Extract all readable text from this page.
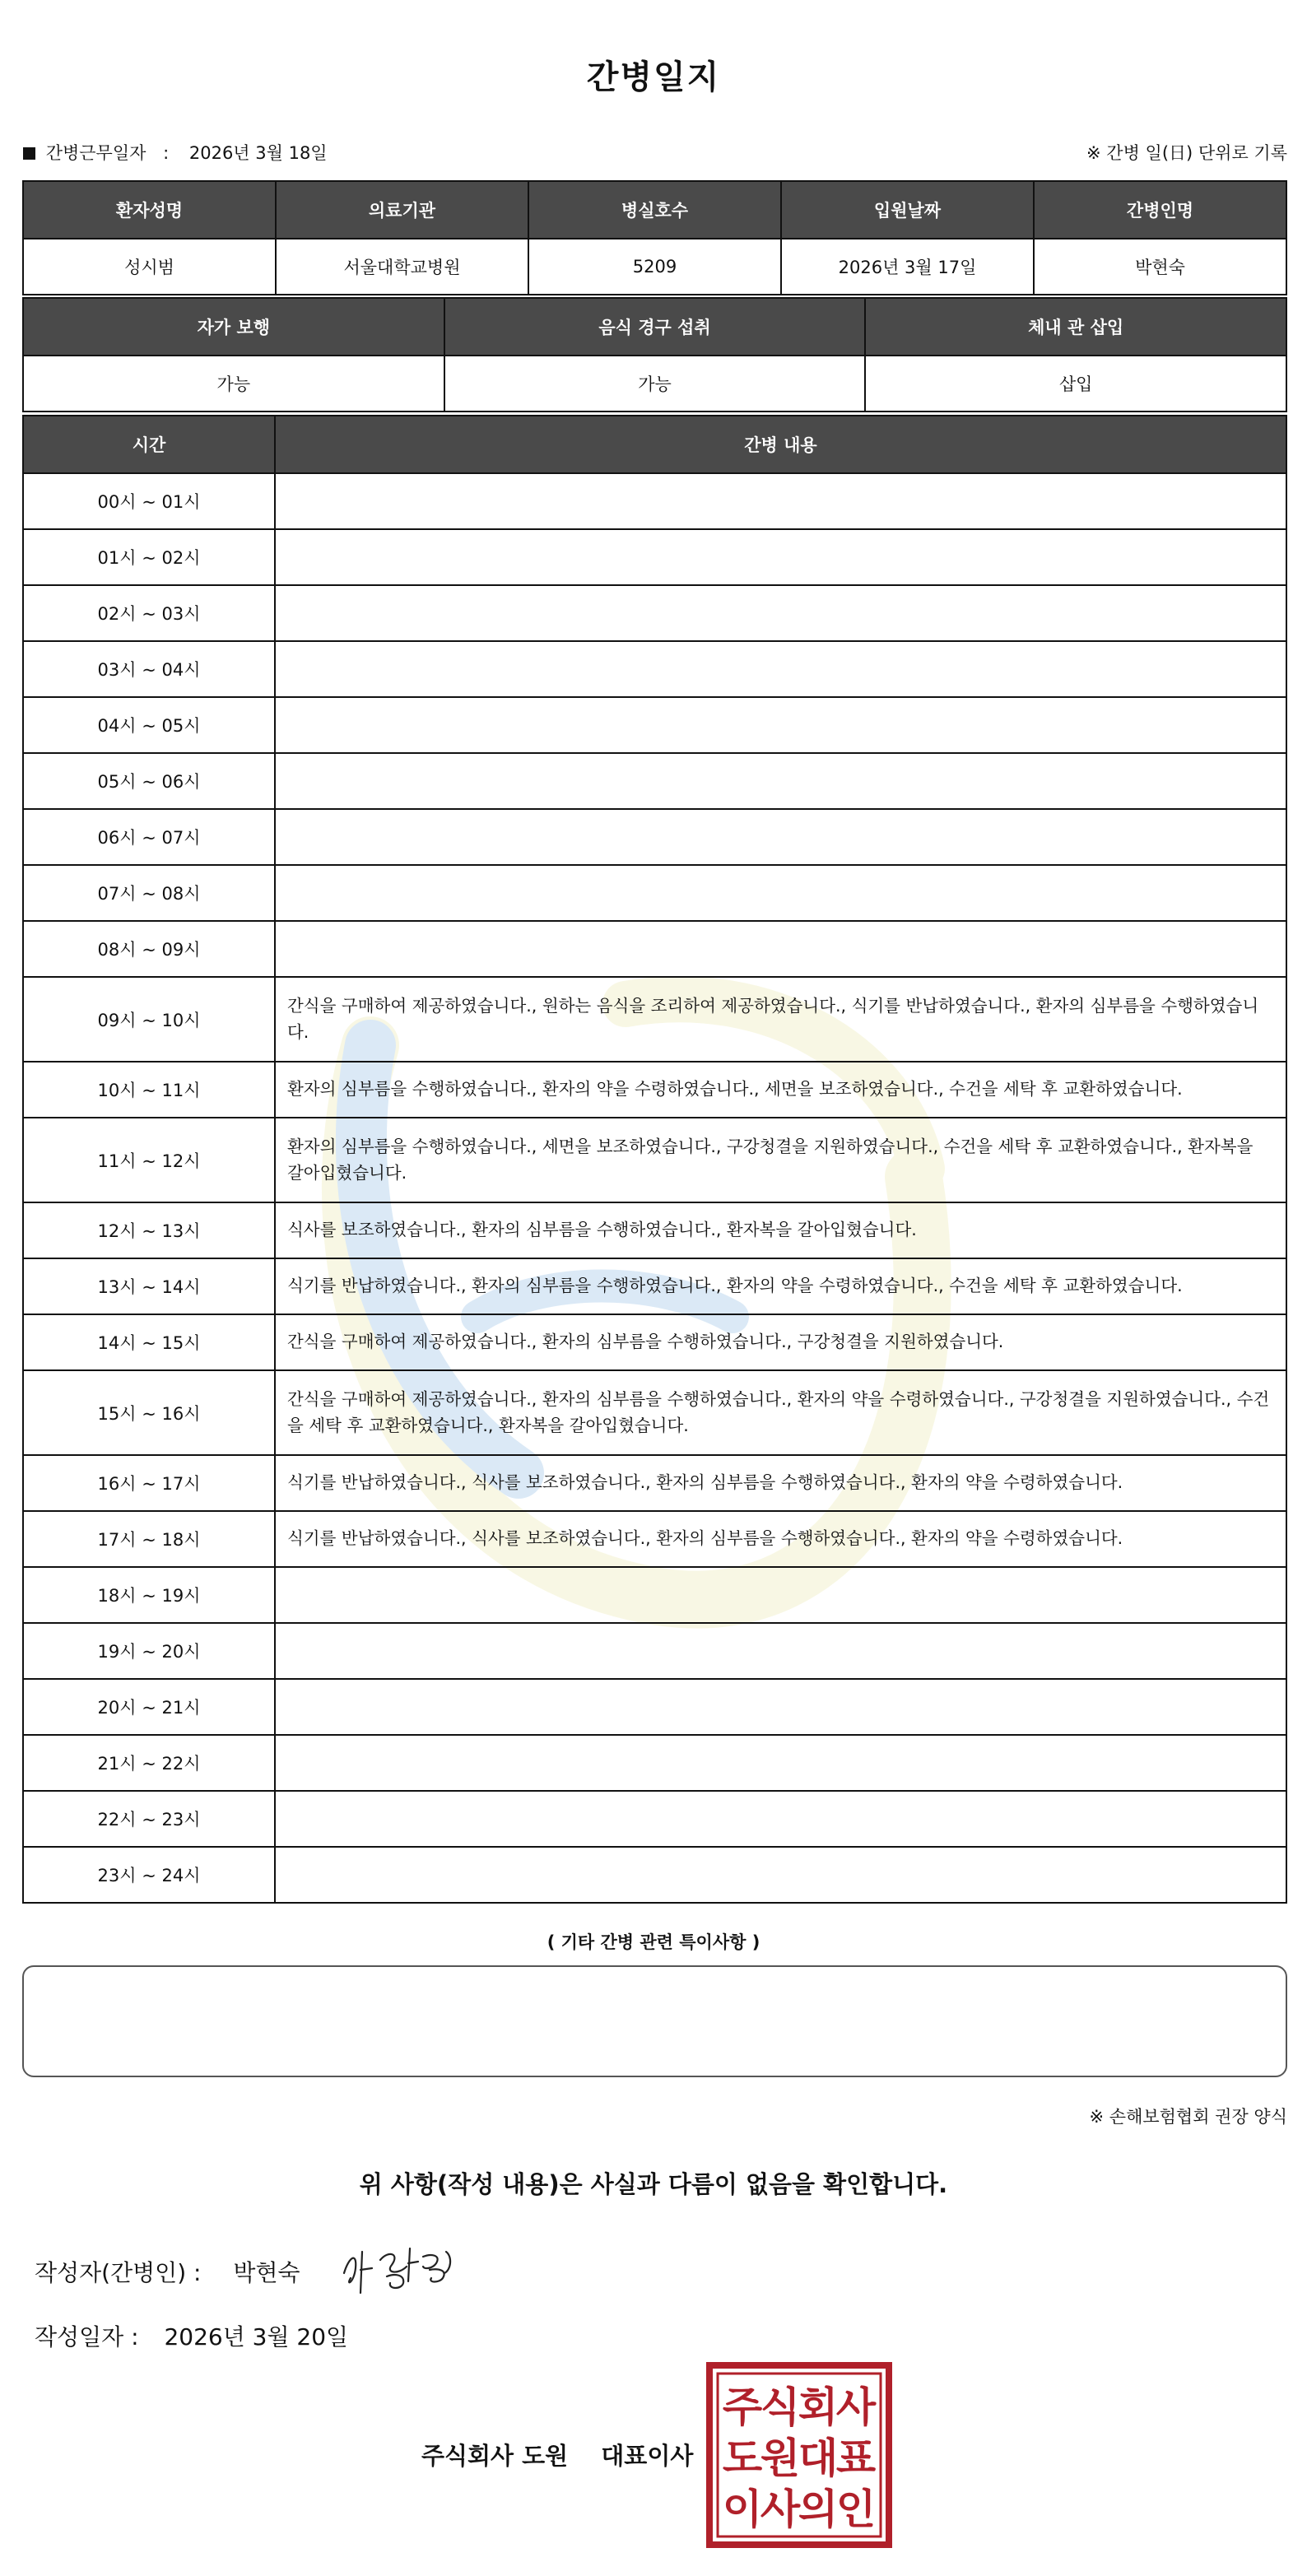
간병일지
간병근무일자 : 2026년 3월 18일	※ 간병 일(日) 단위로 기록
환자성명	의료기관	병실호수	입원날짜	간병인명
성시범	서울대학교병원	5209	2026년 3월 17일	박현숙
자가 보행	음식 경구 섭취	체내 관 삽입
가능	가능	삽입
시간	간병 내용
00시 ~ 01시	
01시 ~ 02시	
02시 ~ 03시	
03시 ~ 04시	
04시 ~ 05시	
05시 ~ 06시	
06시 ~ 07시	
07시 ~ 08시	
08시 ~ 09시	
09시 ~ 10시	간식을 구매하여 제공하였습니다., 원하는 음식을 조리하여 제공하였습니다., 식기를 반납하였습니다., 환자의 심부름을 수행하였습니다.
10시 ~ 11시	환자의 심부름을 수행하였습니다., 환자의 약을 수령하였습니다., 세면을 보조하였습니다., 수건을 세탁 후 교환하였습니다.
11시 ~ 12시	환자의 심부름을 수행하였습니다., 세면을 보조하였습니다., 구강청결을 지원하였습니다., 수건을 세탁 후 교환하였습니다., 환자복을 갈아입혔습니다.
12시 ~ 13시	식사를 보조하였습니다., 환자의 심부름을 수행하였습니다., 환자복을 갈아입혔습니다.
13시 ~ 14시	식기를 반납하였습니다., 환자의 심부름을 수행하였습니다., 환자의 약을 수령하였습니다., 수건을 세탁 후 교환하였습니다.
14시 ~ 15시	간식을 구매하여 제공하였습니다., 환자의 심부름을 수행하였습니다., 구강청결을 지원하였습니다.
15시 ~ 16시	간식을 구매하여 제공하였습니다., 환자의 심부름을 수행하였습니다., 환자의 약을 수령하였습니다., 구강청결을 지원하였습니다., 수건을 세탁 후 교환하였습니다., 환자복을 갈아입혔습니다.
16시 ~ 17시	식기를 반납하였습니다., 식사를 보조하였습니다., 환자의 심부름을 수행하였습니다., 환자의 약을 수령하였습니다.
17시 ~ 18시	식기를 반납하였습니다., 식사를 보조하였습니다., 환자의 심부름을 수행하였습니다., 환자의 약을 수령하였습니다.
18시 ~ 19시	
19시 ~ 20시	
20시 ~ 21시	
21시 ~ 22시	
22시 ~ 23시	
23시 ~ 24시	
( 기타 간병 관련 특이사항 )
※ 손해보험협회 권장 양식
위 사항(작성 내용)은 사실과 다름이 없음을 확인합니다.
작성자(간병인) : 박현숙
작성일자 : 2026년 3월 20일
주식회사 도원 대표이사
주
식
회
사
도
원
대
표
이
사
의
인
